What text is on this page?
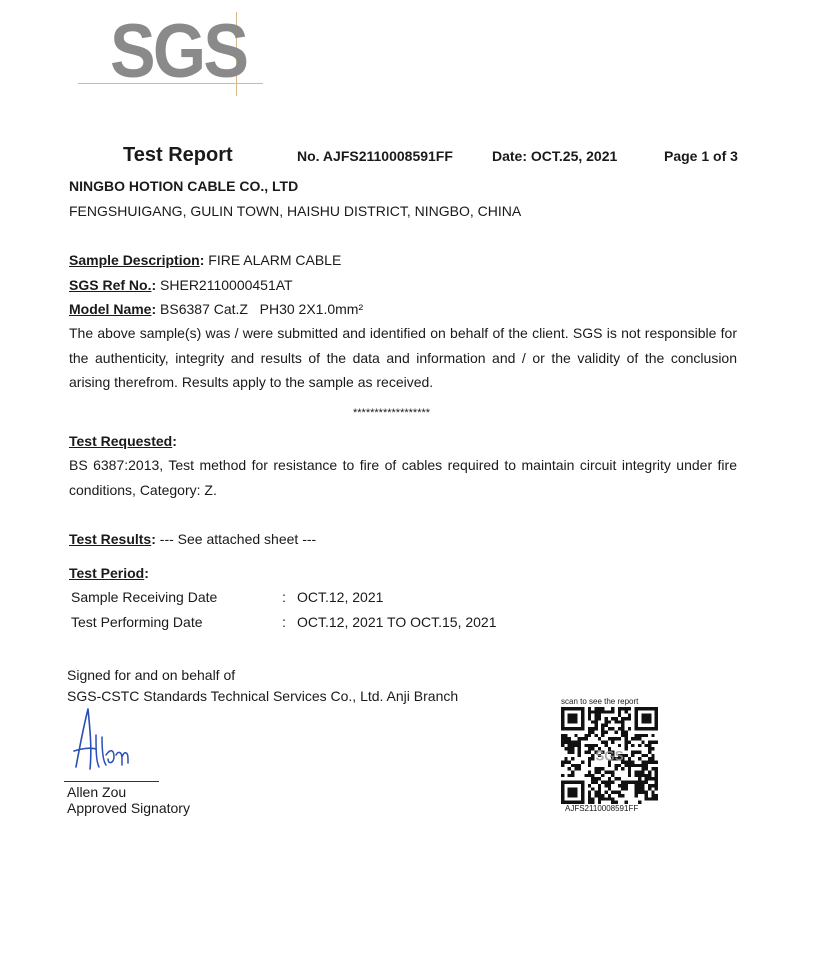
SGS
Test Report	No. AJFS2110008591FF	Date: OCT.25, 2021	Page 1 of 3
NINGBO HOTION CABLE CO., LTD
FENGSHUIGANG, GULIN TOWN, HAISHU DISTRICT, NINGBO, CHINA
Sample Description: FIRE ALARM CABLE
SGS Ref No.: SHER2110000451AT
Model Name: BS6387 Cat.Z   PH30 2X1.0mm²
The above sample(s) was / were submitted and identified on behalf of the client. SGS is not responsible for the authenticity, integrity and results of the data and information and / or the validity of the conclusion arising therefrom. Results apply to the sample as received.
******************
Test Requested:
BS 6387:2013, Test method for resistance to fire of cables required to maintain circuit integrity under fire conditions, Category: Z.
Test Results: --- See attached sheet ---
Test Period:
Sample Receiving Date	: OCT.12, 2021
Test Performing Date	: OCT.12, 2021 TO OCT.15, 2021
Signed for and on behalf of
SGS-CSTC Standards Technical Services Co., Ltd. Anji Branch
Allen Zou
Approved Signatory
scan to see the report
SGS
AJFS2110008591FF
